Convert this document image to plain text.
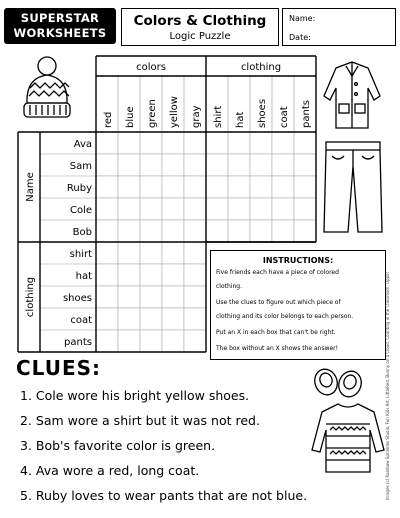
SUPERSTAR
WORKSHEETS
Colors & Clothing
Logic Puzzle
Name:
Date:
colors	clothing
red blue green yellow gray shirt hat shoes coat pants
Name
clothing
Ava
Sam
Ruby
Cole
Bob
shirt
hat
shoes
coat
pants
INSTRUCTIONS:
Five friends each have a piece of colored
clothing.
Use the clues to figure out which piece of
clothing and its color belongs to each person.
Put an X in each box that can't be right.
The box without an X shows the answer!
CLUES:
1. Cole wore his bright yellow shoes.
2. Sam wore a shirt but it was not red.
3. Bob's favorite color is green.
4. Ava wore a red, long coat.
5. Ruby loves to wear pants that are not blue.	Images (c) Rainbow Sprinkles Studio, Fun Kids Art, LittleRed, Bunny on a Cloud, Counting in the Classroom, Oppa!
